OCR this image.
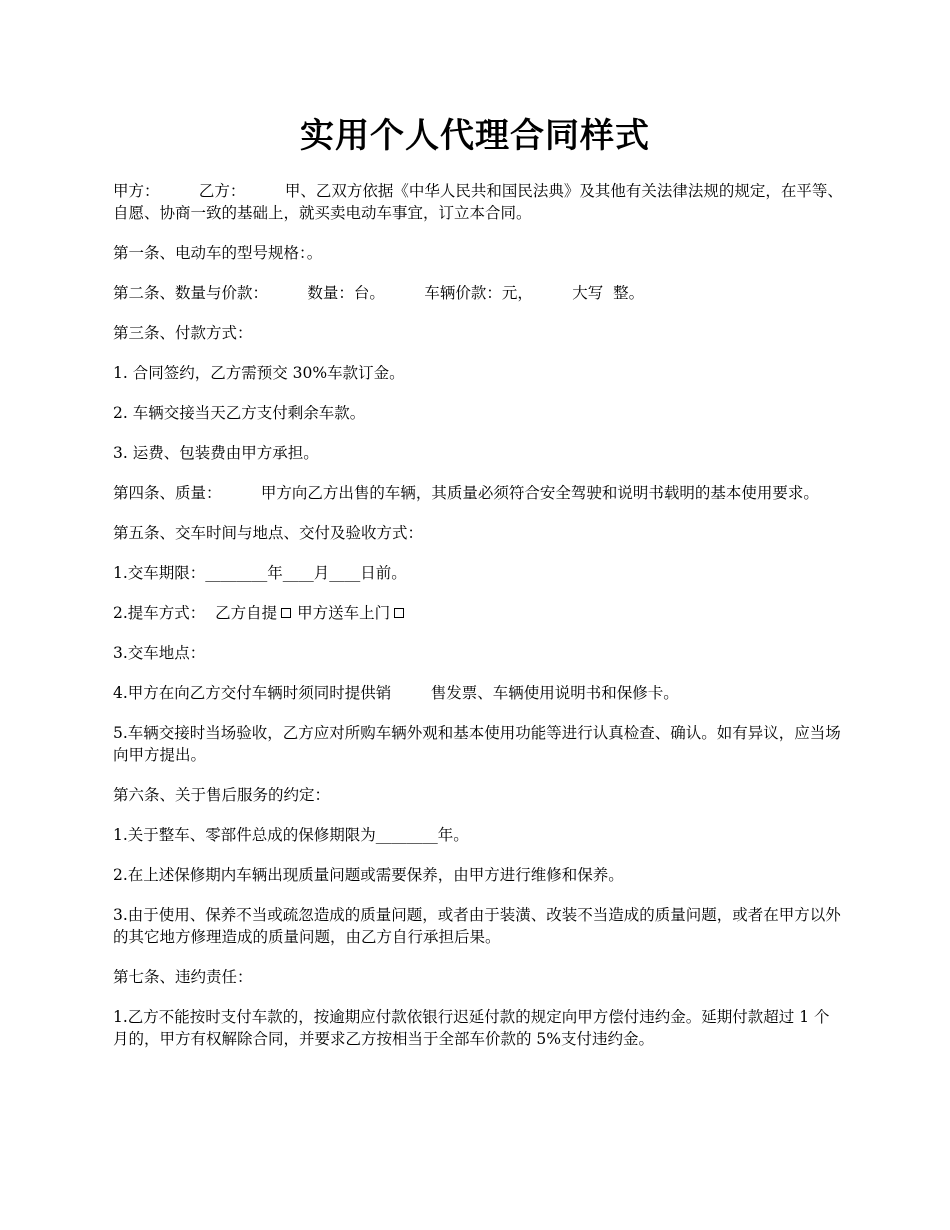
实用个人代理合同样式

甲方：        乙方：        甲、乙双方依据《中华人民共和国民法典》及其他有关法律法规的规定，在平等、自愿、协商一致的基础上，就买卖电动车事宜，订立本合同。

第一条、电动车的型号规格：。

第二条、数量与价款：        数量：台。        车辆价款：元，        大写  整。

第三条、付款方式：

1. 合同签约，乙方需预交 30%车款订金。

2. 车辆交接当天乙方支付剩余车款。

3. 运费、包装费由甲方承担。

第四条、质量：        甲方向乙方出售的车辆，其质量必须符合安全驾驶和说明书载明的基本使用要求。

第五条、交车时间与地点、交付及验收方式：

1.交车期限：________年____月____日前。

2.提车方式： 乙方自提 甲方送车上门

3.交车地点：

4.甲方在向乙方交付车辆时须同时提供销        售发票、车辆使用说明书和保修卡。

5.车辆交接时当场验收，乙方应对所购车辆外观和基本使用功能等进行认真检查、确认。如有异议，应当场向甲方提出。

第六条、关于售后服务的约定：

1.关于整车、零部件总成的保修期限为________年。

2.在上述保修期内车辆出现质量问题或需要保养，由甲方进行维修和保养。

3.由于使用、保养不当或疏忽造成的质量问题，或者由于装潢、改装不当造成的质量问题，或者在甲方以外的其它地方修理造成的质量问题，由乙方自行承担后果。

第七条、违约责任：

1.乙方不能按时支付车款的，按逾期应付款依银行迟延付款的规定向甲方偿付违约金。延期付款超过 1 个月的，甲方有权解除合同，并要求乙方按相当于全部车价款的 5%支付违约金。
